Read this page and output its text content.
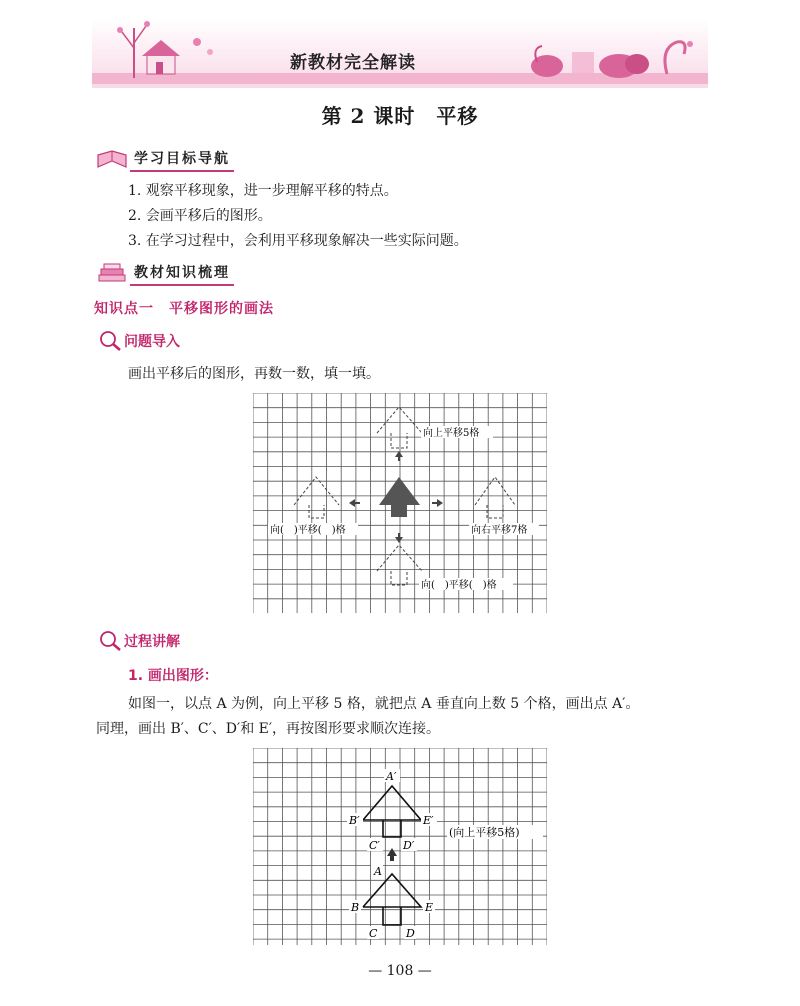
新教材完全解读
第 2 课时　平移
学习目标导航
1. 观察平移现象，进一步理解平移的特点。
2. 会画平移后的图形。
3. 在学习过程中，会利用平移现象解决一些实际问题。
教材知识梳理
知识点一　平移图形的画法
问题导入
画出平移后的图形，再数一数，填一填。
向上平移5格
向(　)平移(　)格	向右平移7格
向(　)平移(　)格
过程讲解
1. 画出图形：
如图一，以点 A 为例，向上平移 5 格，就把点 A 垂直向上数 5 个格，画出点 A′。
同理，画出 B′、C′、D′和 E′，再按图形要求顺次连接。
A′
B′	E′
C′ D′
A
B	E
C	D
(向上平移5格)
— 108 —
